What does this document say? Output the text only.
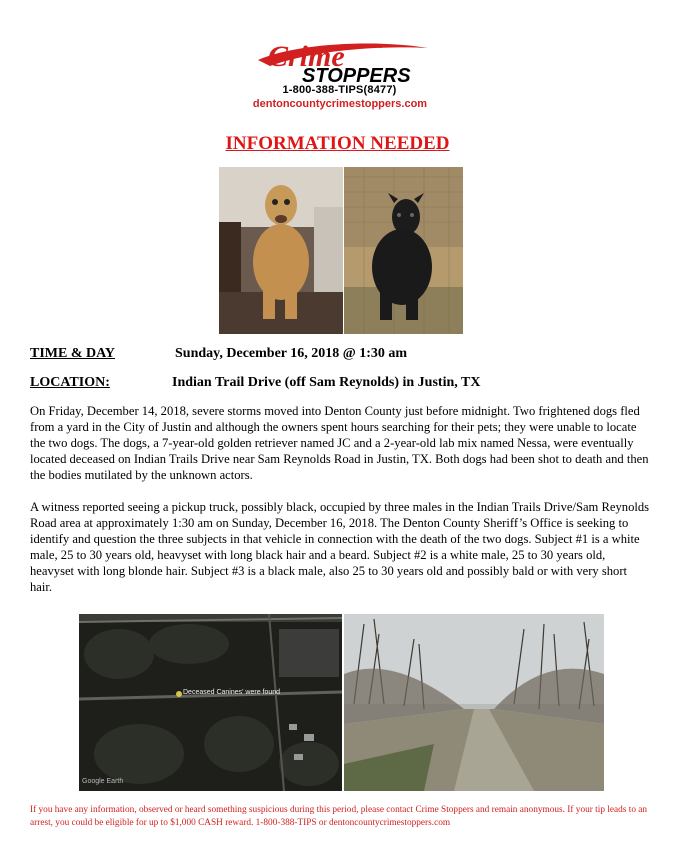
Crime
STOPPERS
1-800-388-TIPS(8477)
dentoncountycrimestoppers.com
INFORMATION NEEDED
TIME & DAY	Sunday, December 16, 2018 @ 1:30 am
LOCATION:	Indian Trail Drive (off Sam Reynolds) in Justin, TX
On Friday, December 14, 2018, severe storms moved into Denton County just before midnight. Two frightened dogs fled from a yard in the City of Justin and although the owners spent hours searching for their pets; they were unable to locate the two dogs. The dogs, a 7-year-old golden retriever named JC and a 2-year-old lab mix named Nessa, were eventually located deceased on Indian Trails Drive near Sam Reynolds Road in Justin, TX. Both dogs had been shot to death and then the bodies mutilated by the unknown actors.
A witness reported seeing a pickup truck, possibly black, occupied by three males in the Indian Trails Drive/Sam Reynolds Road area at approximately 1:30 am on Sunday, December 16, 2018. The Denton County Sheriff’s Office is seeking to identify and question the three subjects in that vehicle in connection with the death of the two dogs. Subject #1 is a white male, 25 to 30 years old, heavyset with long black hair and a beard. Subject #2 is a white male, 25 to 30 years old, heavyset with long blonde hair. Subject #3 is a black male, also 25 to 30 years old and possibly bald or with very short hair.
Deceased Canines' were found
Google Earth
If you have any information, observed or heard something suspicious during this period, please contact Crime Stoppers and remain anonymous. If your tip leads to an arrest, you could be eligible for up to $1,000 CASH reward. 1-800-388-TIPS or dentoncountycrimestoppers.com
